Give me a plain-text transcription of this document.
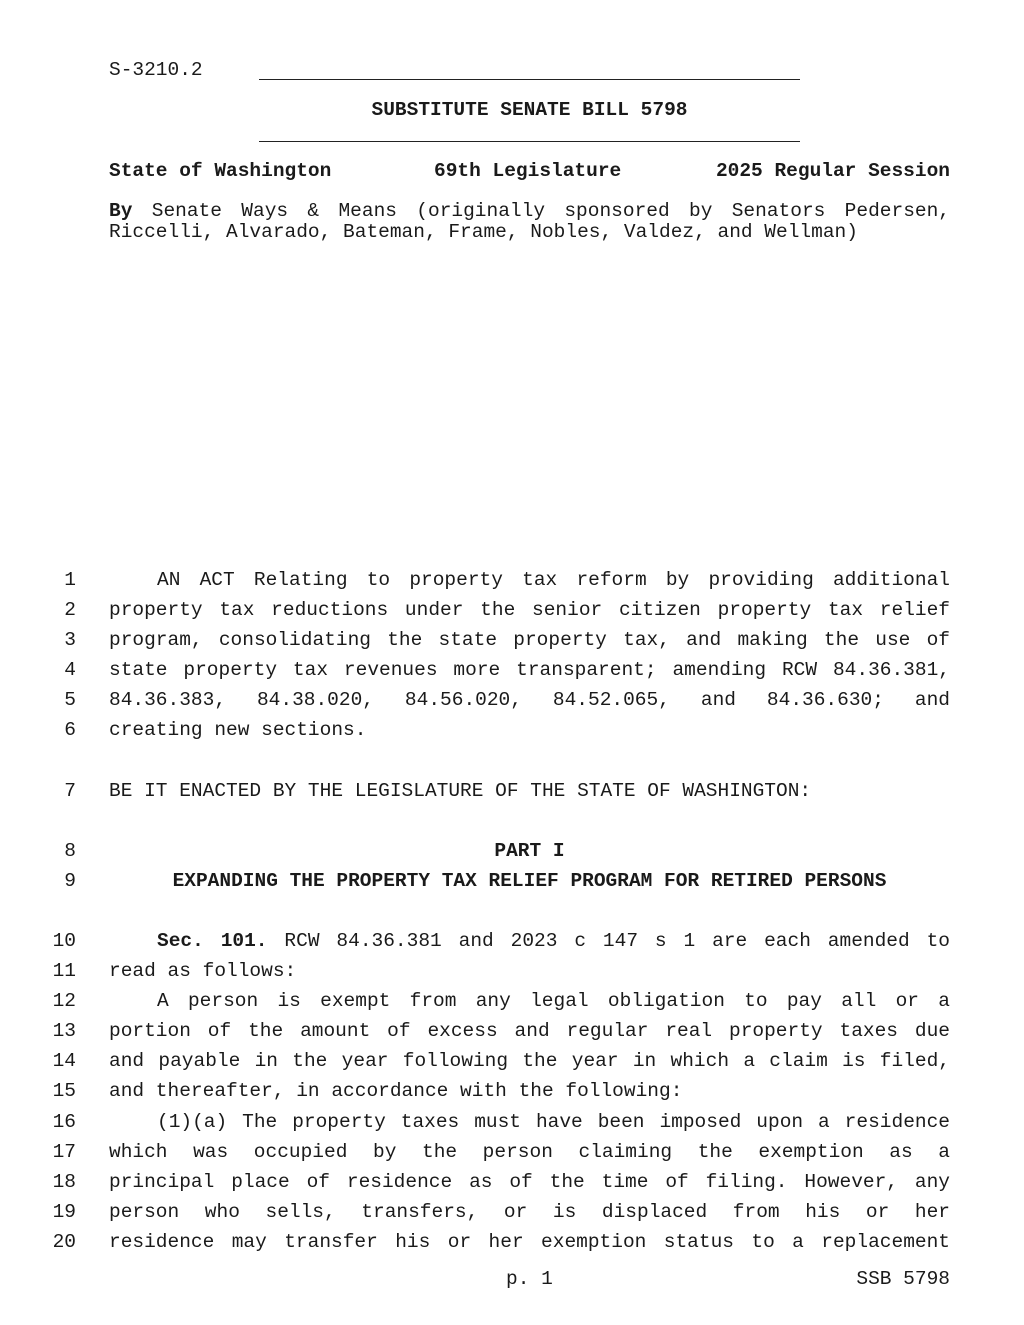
S-3210.2
SUBSTITUTE SENATE BILL 5798
State of Washington	69th Legislature	2025 Regular Session
By Senate Ways & Means (originally sponsored by Senators Pedersen,
Riccelli, Alvarado, Bateman, Frame, Nobles, Valdez, and Wellman)
1
2
3
4
5
6
7
8
9
10
11
12
13
14
15
16
17
18
19
20
AN ACT Relating to property tax reform by providing additional
property tax reductions under the senior citizen property tax relief
program, consolidating the state property tax, and making the use of
state property tax revenues more transparent; amending RCW 84.36.381,
84.36.383, 84.38.020, 84.56.020, 84.52.065, and 84.36.630; and
creating new sections.
BE IT ENACTED BY THE LEGISLATURE OF THE STATE OF WASHINGTON:
PART I
EXPANDING THE PROPERTY TAX RELIEF PROGRAM FOR RETIRED PERSONS
Sec. 101. RCW 84.36.381 and 2023 c 147 s 1 are each amended to
read as follows:
A person is exempt from any legal obligation to pay all or a
portion of the amount of excess and regular real property taxes due
and payable in the year following the year in which a claim is filed,
and thereafter, in accordance with the following:
(1)(a) The property taxes must have been imposed upon a residence
which was occupied by the person claiming the exemption as a
principal place of residence as of the time of filing. However, any
person who sells, transfers, or is displaced from his or her
residence may transfer his or her exemption status to a replacement
p. 1	SSB 5798
